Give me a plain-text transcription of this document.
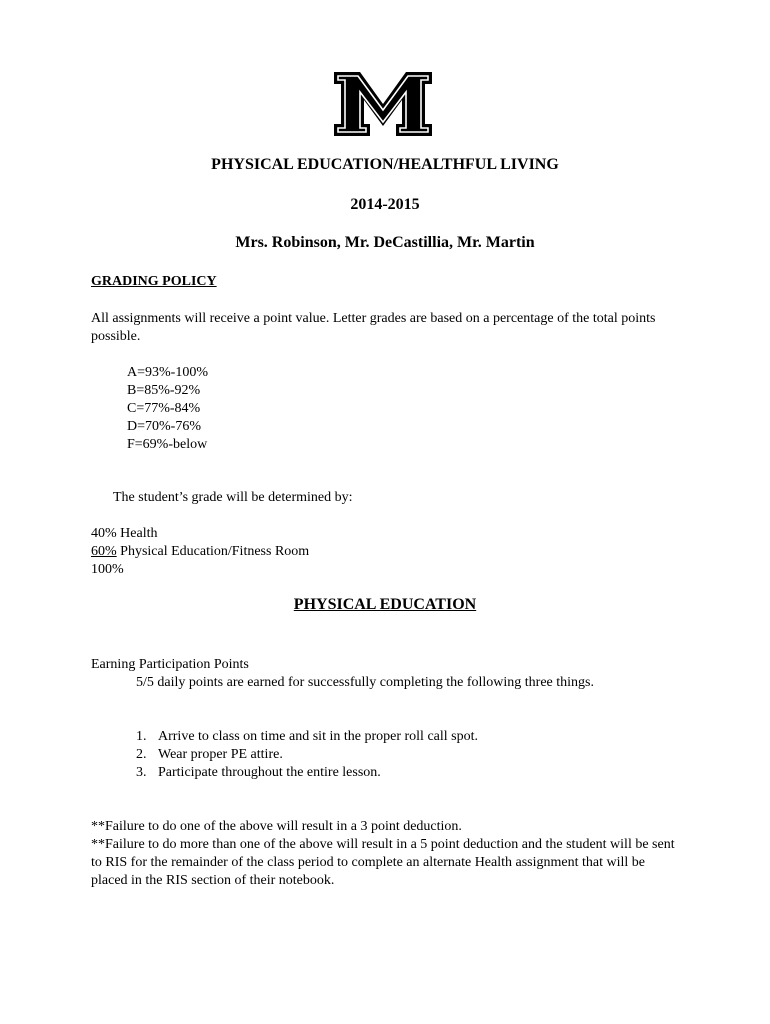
PHYSICAL EDUCATION/HEALTHFUL LIVING
2014-2015
Mrs. Robinson, Mr. DeCastillia, Mr. Martin
GRADING POLICY
All assignments will receive a point value. Letter grades are based on a percentage of the total points possible.
A=93%-100%
B=85%-92%
C=77%-84%
D=70%-76%
F=69%-below
The student’s grade will be determined by:
40% Health
60% Physical Education/Fitness Room
100%
PHYSICAL EDUCATION
Earning Participation Points
5/5 daily points are earned for successfully completing the following three things.
1. Arrive to class on time and sit in the proper roll call spot.
2. Wear proper PE attire.
3. Participate throughout the entire lesson.
**Failure to do one of the above will result in a 3 point deduction.
**Failure to do more than one of the above will result in a 5 point deduction and the student will be sent to RIS for the remainder of the class period to complete an alternate Health assignment that will be placed in the RIS section of their notebook.
